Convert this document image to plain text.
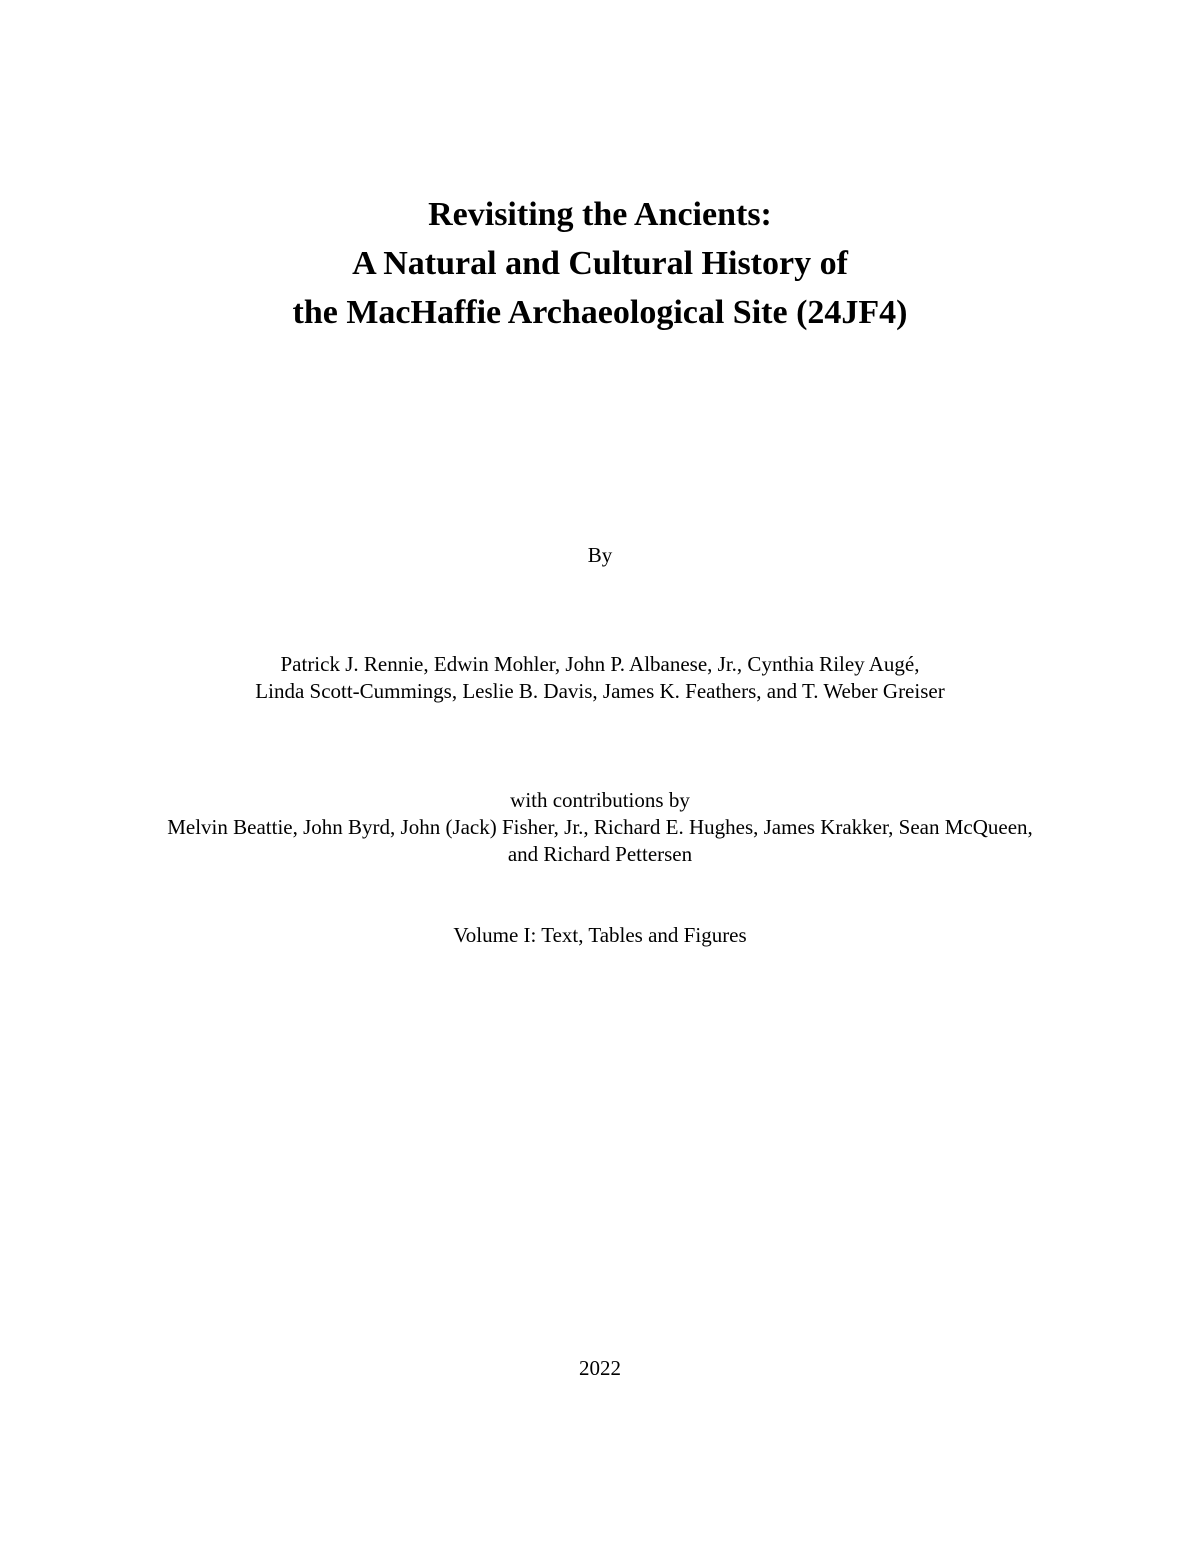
Revisiting the Ancients:
A Natural and Cultural History of
the MacHaffie Archaeological Site (24JF4)
By
Patrick J. Rennie, Edwin Mohler, John P. Albanese, Jr., Cynthia Riley Augé,
Linda Scott-Cummings, Leslie B. Davis, James K. Feathers, and T. Weber Greiser
with contributions by
Melvin Beattie, John Byrd, John (Jack) Fisher, Jr., Richard E. Hughes, James Krakker, Sean McQueen, and Richard Pettersen
Volume I: Text, Tables and Figures
2022
